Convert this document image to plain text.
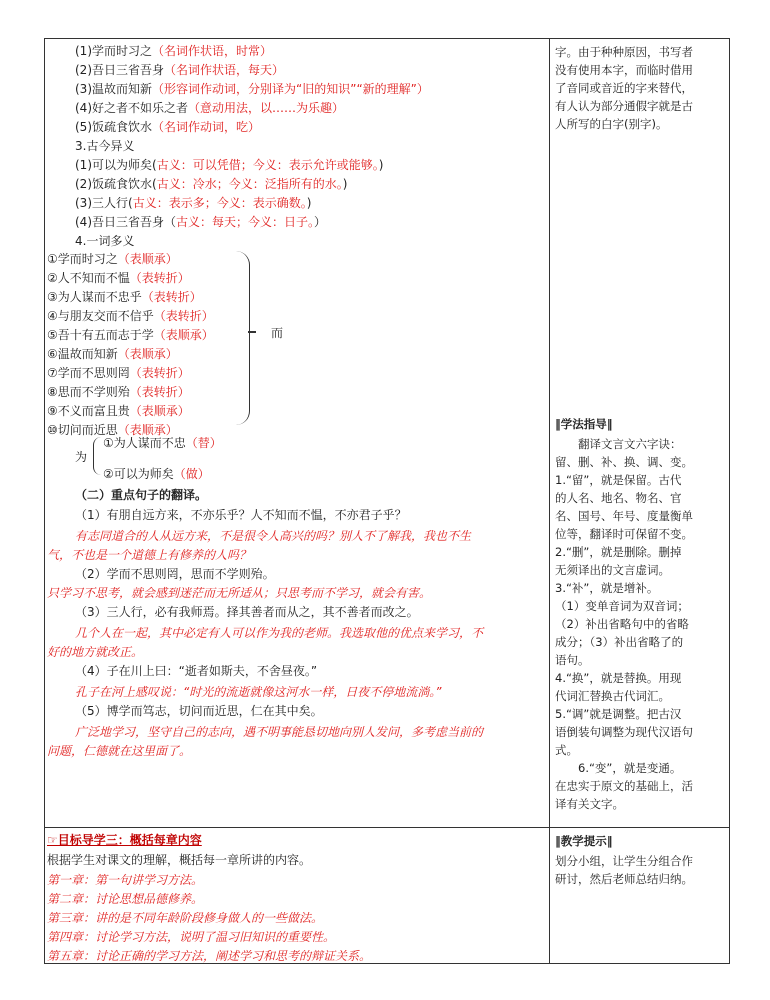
(1)学而时习之（名词作状语，时常）
(2)吾日三省吾身（名词作状语，每天）
(3)温故而知新（形容词作动词，分别译为“旧的知识”“新的理解”）
(4)好之者不如乐之者（意动用法，以……为乐趣）
(5)饭疏食饮水（名词作动词，吃）
3.古今异义
(1)可以为师矣(古义：可以凭借；今义：表示允许或能够。)
(2)饭疏食饮水(古义：冷水；今义：泛指所有的水。)
(3)三人行(古义：表示多；今义：表示确数。)
(4)吾日三省吾身（古义：每天；今义：日子。）
4.一词多义
①学而时习之（表顺承）
②人不知而不愠（表转折）
③为人谋而不忠乎（表转折）
④与朋友交而不信乎（表转折）
⑤吾十有五而志于学（表顺承）
⑥温故而知新（表顺承）
⑦学而不思则罔（表转折）
⑧思而不学则殆（表转折）
⑨不义而富且贵（表顺承）
⑩切问而近思（表顺承）
而
为
①为人谋而不忠（替）
②可以为师矣（做）
（二）重点句子的翻译。
（1）有朋自远方来，不亦乐乎？人不知而不愠，不亦君子乎？
有志同道合的人从远方来，不是很令人高兴的吗？别人不了解我，我也不生
气，不也是一个道德上有修养的人吗？
（2）学而不思则罔，思而不学则殆。
只学习不思考，就会感到迷茫而无所适从；只思考而不学习，就会有害。
（3）三人行，必有我师焉。择其善者而从之，其不善者而改之。
几个人在一起，其中必定有人可以作为我的老师。我选取他的优点来学习，不
好的地方就改正。
（4）子在川上曰：“逝者如斯夫，不舍昼夜。”
孔子在河上感叹说：“时光的流逝就像这河水一样，日夜不停地流淌。”
（5）博学而笃志，切问而近思，仁在其中矣。
广泛地学习，坚守自己的志向，遇不明事能恳切地向别人发问，多考虑当前的
问题，仁德就在这里面了。
字。由于种种原因，书写者
没有使用本字，而临时借用
了音同或音近的字来替代，
有人认为部分通假字就是古
人所写的白字(别字)。
‖学法指导‖
　　翻译文言文六字诀：
留、删、补、换、调、变。
1.“留”，就是保留。古代
的人名、地名、物名、官
名、国号、年号、度量衡单
位等，翻译时可保留不变。
2.“删”，就是删除。删掉
无须译出的文言虚词。
3.“补”，就是增补。
（1）变单音词为双音词；
（2）补出省略句中的省略
成分；（3）补出省略了的
语句。
4.“换”，就是替换。用现
代词汇替换古代词汇。
5.“调”就是调整。把古汉
语倒装句调整为现代汉语句
式。
　　6.“变”，就是变通。
在忠实于原文的基础上，活
译有关文字。
☞目标导学三：概括每章内容
根据学生对课文的理解，概括每一章所讲的内容。
第一章：第一句讲学习方法。
第二章：讨论思想品德修养。
第三章：讲的是不同年龄阶段修身做人的一些做法。
第四章：讨论学习方法，说明了温习旧知识的重要性。
第五章：讨论正确的学习方法，阐述学习和思考的辩证关系。
‖教学提示‖
划分小组，让学生分组合作
研讨，然后老师总结归纳。
